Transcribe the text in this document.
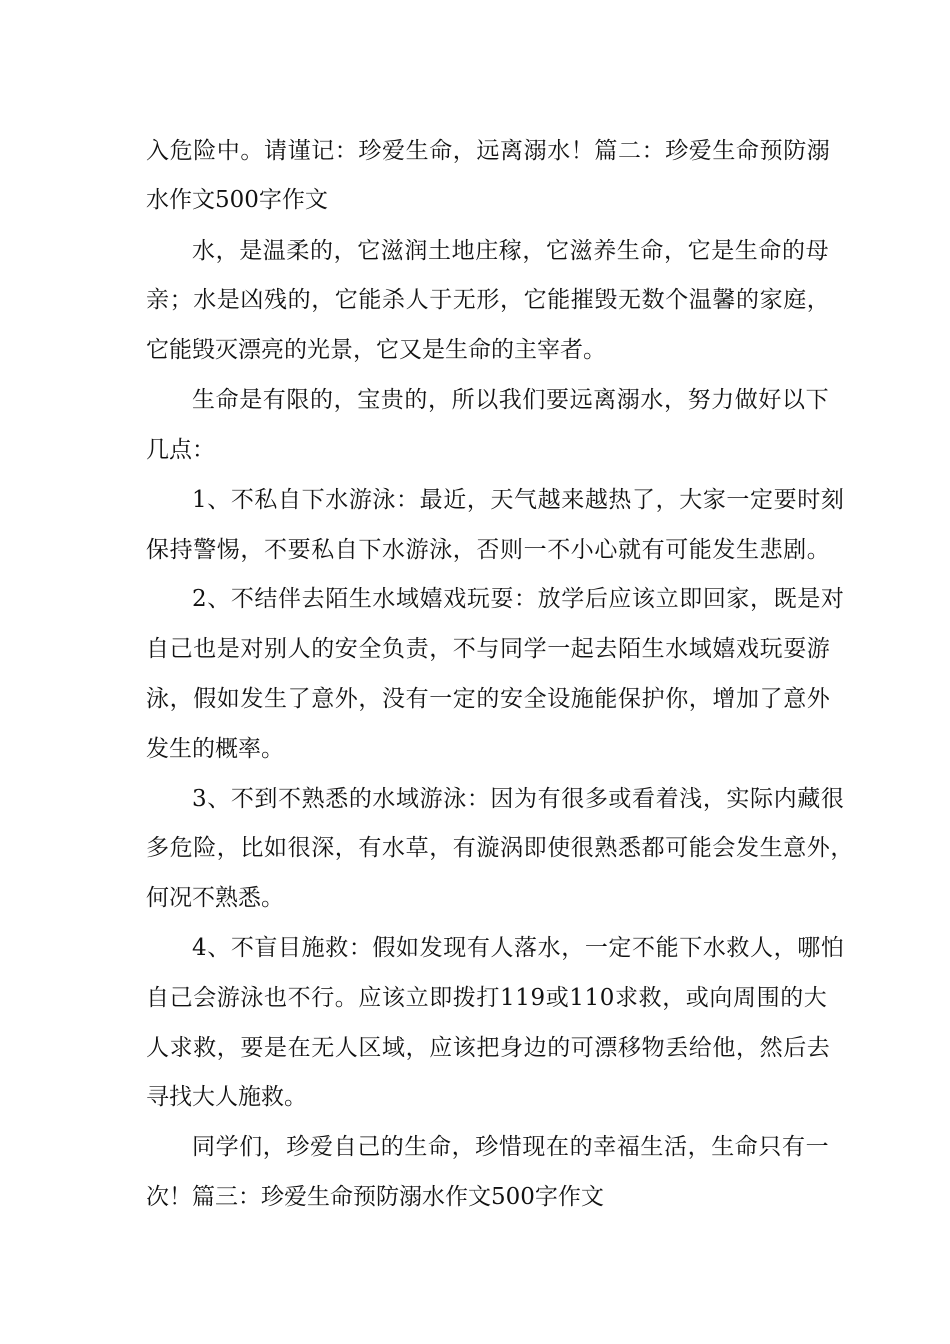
入危险中。请谨记：珍爱生命，远离溺水！篇二：珍爱生命预防溺
水作文500字作文
水，是温柔的，它滋润土地庄稼，它滋养生命，它是生命的母
亲；水是凶残的，它能杀人于无形，它能摧毁无数个温馨的家庭，
它能毁灭漂亮的光景，它又是生命的主宰者。
生命是有限的，宝贵的，所以我们要远离溺水，努力做好以下
几点：
1、不私自下水游泳：最近，天气越来越热了，大家一定要时刻
保持警惕，不要私自下水游泳，否则一不小心就有可能发生悲剧。
2、不结伴去陌生水域嬉戏玩耍：放学后应该立即回家，既是对
自己也是对别人的安全负责，不与同学一起去陌生水域嬉戏玩耍游
泳，假如发生了意外，没有一定的安全设施能保护你，增加了意外
发生的概率。
3、不到不熟悉的水域游泳：因为有很多或看着浅，实际内藏很
多危险，比如很深，有水草，有漩涡即使很熟悉都可能会发生意外，
何况不熟悉。
4、不盲目施救：假如发现有人落水，一定不能下水救人，哪怕
自己会游泳也不行。应该立即拨打119或110求救，或向周围的大
人求救，要是在无人区域，应该把身边的可漂移物丢给他，然后去
寻找大人施救。
同学们，珍爱自己的生命，珍惜现在的幸福生活，生命只有一
次！篇三：珍爱生命预防溺水作文500字作文
